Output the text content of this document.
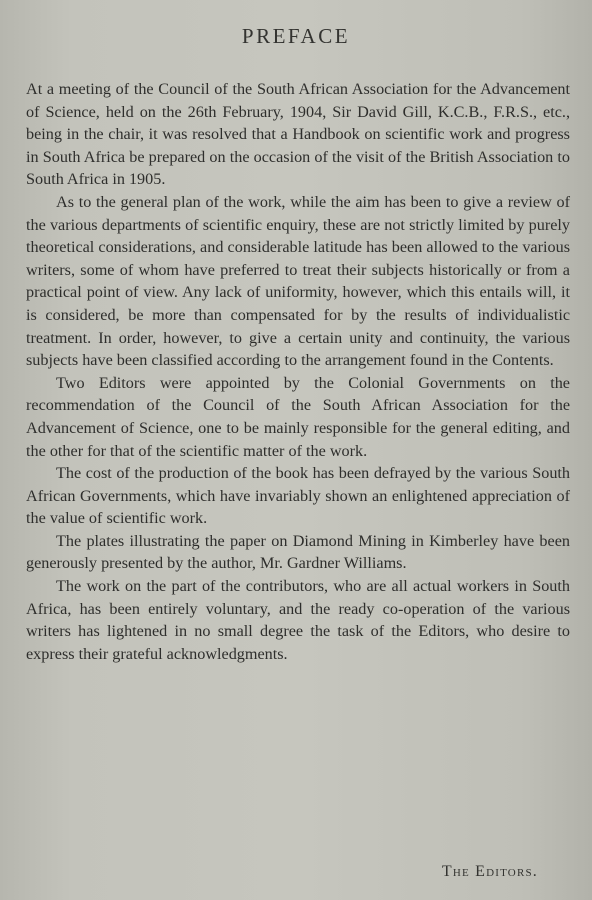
PREFACE

At a meeting of the Council of the South African Association for the Advancement of Science, held on the 26th February, 1904, Sir David Gill, K.C.B., F.R.S., etc., being in the chair, it was resolved that a Handbook on scientific work and progress in South Africa be prepared on the occasion of the visit of the British Association to South Africa in 1905.

As to the general plan of the work, while the aim has been to give a review of the various departments of scientific enquiry, these are not strictly limited by purely theoretical considerations, and considerable latitude has been allowed to the various writers, some of whom have preferred to treat their subjects historically or from a practical point of view. Any lack of uniformity, however, which this entails will, it is considered, be more than compensated for by the results of individualistic treatment. In order, however, to give a certain unity and continuity, the various subjects have been classified according to the arrangement found in the Contents.

Two Editors were appointed by the Colonial Governments on the recommendation of the Council of the South African Association for the Advancement of Science, one to be mainly responsible for the general editing, and the other for that of the scientific matter of the work.

The cost of the production of the book has been defrayed by the various South African Governments, which have invariably shown an enlightened appreciation of the value of scientific work.

The plates illustrating the paper on Diamond Mining in Kimberley have been generously presented by the author, Mr. Gardner Williams.

The work on the part of the contributors, who are all actual workers in South Africa, has been entirely voluntary, and the ready co-operation of the various writers has lightened in no small degree the task of the Editors, who desire to express their grateful acknowledgments.

The Editors.
